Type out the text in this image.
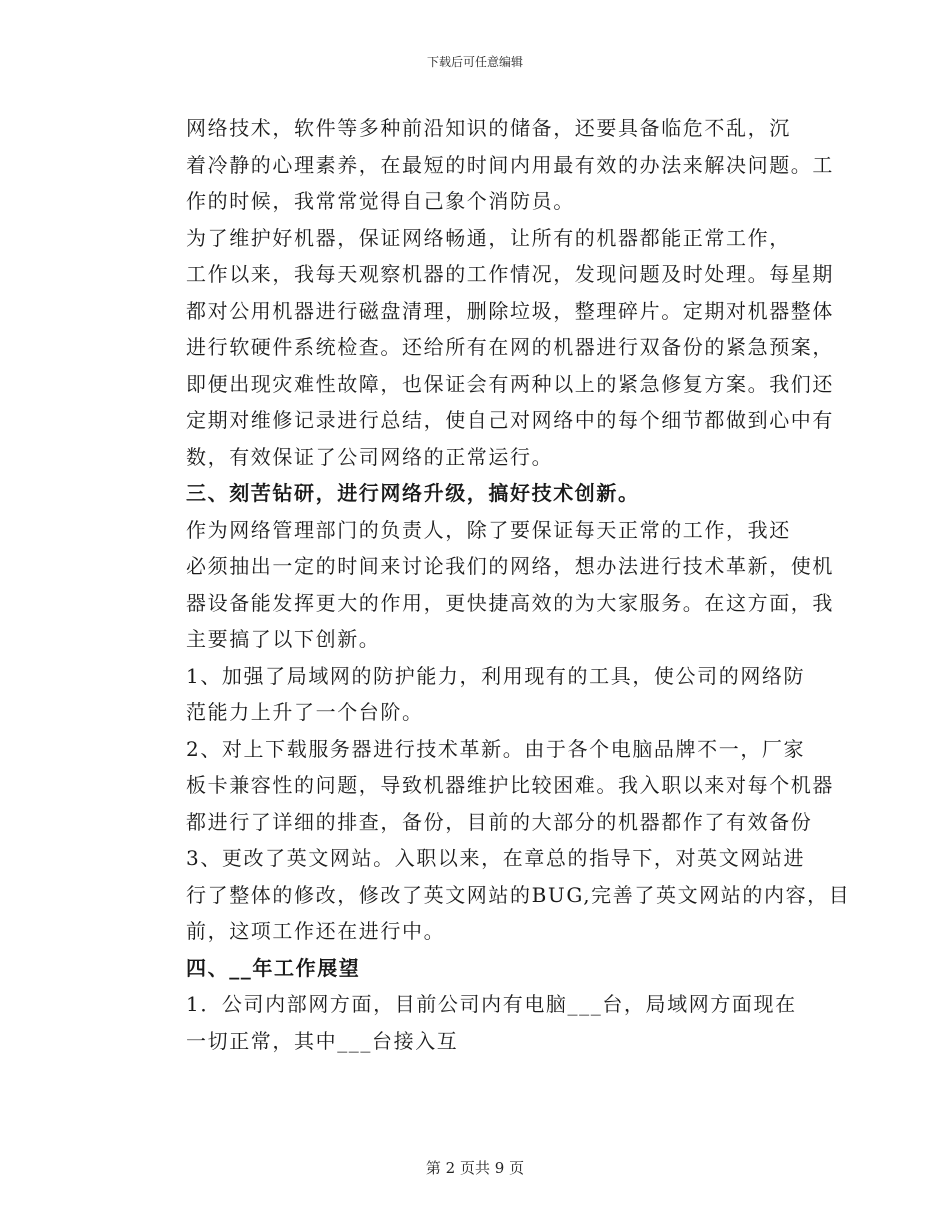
下载后可任意编辑

网络技术，软件等多种前沿知识的储备，还要具备临危不乱，沉
着冷静的心理素养，在最短的时间内用最有效的办法来解决问题。工
作的时候，我常常觉得自己象个消防员。

为了维护好机器，保证网络畅通，让所有的机器都能正常工作，
工作以来，我每天观察机器的工作情况，发现问题及时处理。每星期
都对公用机器进行磁盘清理，删除垃圾，整理碎片。定期对机器整体
进行软硬件系统检查。还给所有在网的机器进行双备份的紧急预案，
即便出现灾难性故障，也保证会有两种以上的紧急修复方案。我们还
定期对维修记录进行总结，使自己对网络中的每个细节都做到心中有
数，有效保证了公司网络的正常运行。

三、刻苦钻研，进行网络升级，搞好技术创新。

作为网络管理部门的负责人，除了要保证每天正常的工作，我还
必须抽出一定的时间来讨论我们的网络，想办法进行技术革新，使机
器设备能发挥更大的作用，更快捷高效的为大家服务。在这方面，我
主要搞了以下创新。

1、加强了局域网的防护能力，利用现有的工具，使公司的网络防
范能力上升了一个台阶。

2、对上下载服务器进行技术革新。由于各个电脑品牌不一，厂家
板卡兼容性的问题，导致机器维护比较困难。我入职以来对每个机器
都进行了详细的排查，备份，目前的大部分的机器都作了有效备份

3、更改了英文网站。入职以来，在章总的指导下，对英文网站进
行了整体的修改，修改了英文网站的BUG,完善了英文网站的内容，目
前，这项工作还在进行中。

四、__年工作展望

1．公司内部网方面，目前公司内有电脑___台，局域网方面现在
一切正常，其中___台接入互

第 2 页共 9 页
